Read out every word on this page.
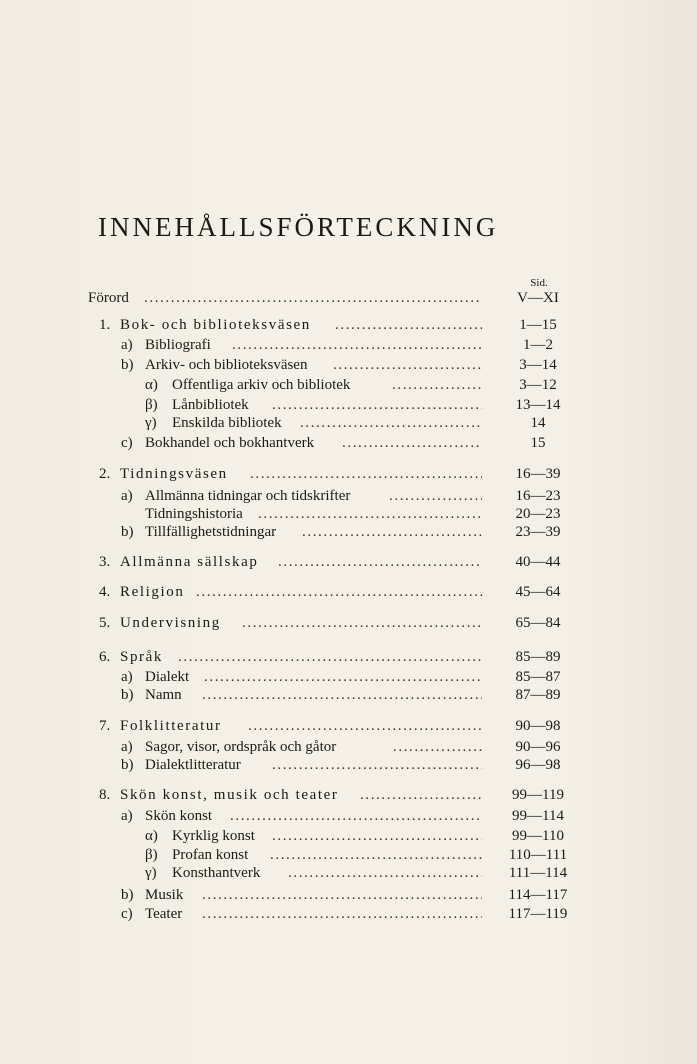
INNEHÅLLSFÖRTECKNING
Sid.
Förord .....	V—XI
1. Bok- och biblioteksväsen .....	1—15
a) Bibliografi .....	1—2
b) Arkiv- och biblioteksväsen .....	3—14
α) Offentliga arkiv och bibliotek .....	3—12
β) Lånbibliotek .....	13—14
γ) Enskilda bibliotek .....	14
c) Bokhandel och bokhantverk .....	15
2. Tidningsväsen .....	16—39
a) Allmänna tidningar och tidskrifter .....	16—23
Tidningshistoria .....	20—23
b) Tillfällighetstidningar .....	23—39
3. Allmänna sällskap .....	40—44
4. Religion .....	45—64
5. Undervisning .....	65—84
6. Språk .....	85—89
a) Dialekt .....	85—87
b) Namn .....	87—89
7. Folklitteratur .....	90—98
a) Sagor, visor, ordspråk och gåtor .....	90—96
b) Dialektlitteratur .....	96—98
8. Skön konst, musik och teater .....	99—119
a) Skön konst .....	99—114
α) Kyrklig konst .....	99—110
β) Profan konst .....	110—111
γ) Konsthantverk .....	111—114
b) Musik .....	114—117
c) Teater .....	117—119
